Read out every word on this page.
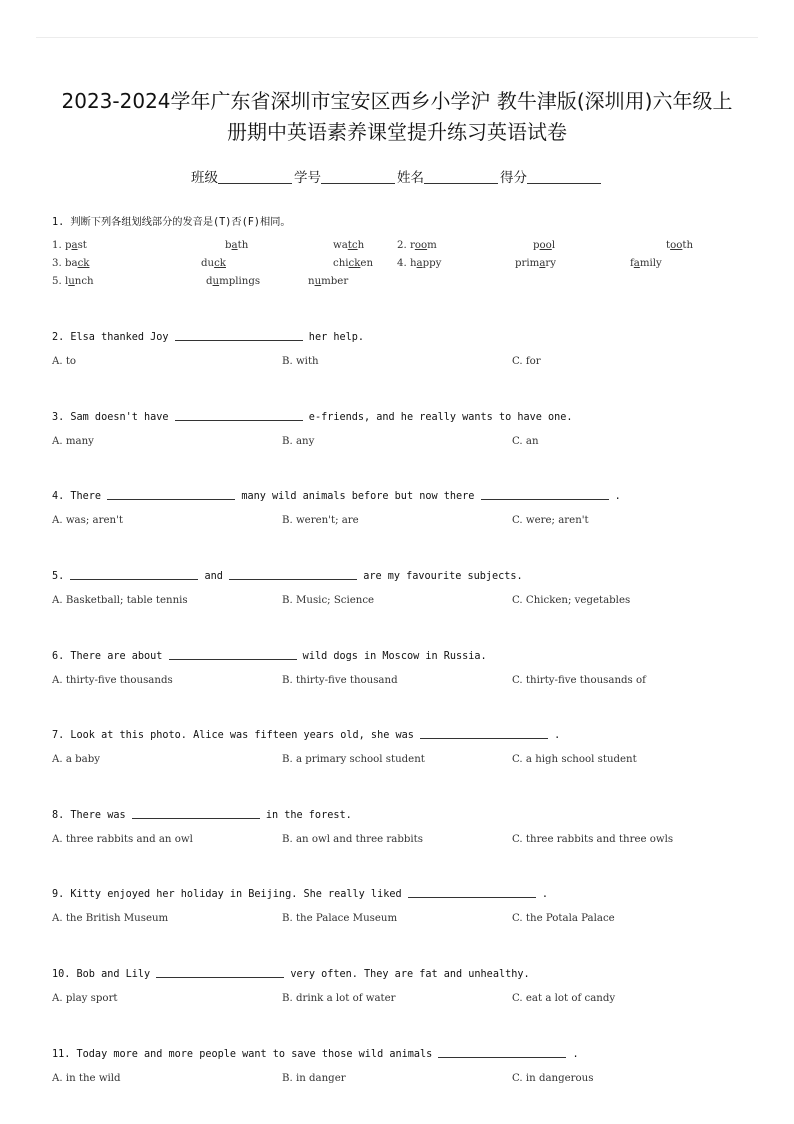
2023-2024学年广东省深圳市宝安区西乡小学沪 教牛津版(深圳用)六年级上
册期中英语素养课堂提升练习英语试卷
班级	学号	姓名	得分
1. 判断下列各组划线部分的发音是(T)否(F)相同。
1. past	bath	watch	2. room	pool	tooth
3. back	duck	chicken 4. happy	primary	family
5. lunch	dumplings	number
2. Elsa thanked Joy	her help.
A. to	B. with	C. for
3. Sam doesn't have	e-friends, and he really wants to have one.
A. many	B. any	C. an
4. There	many wild animals before but now there	.
A. was; aren't	B. weren't; are	C. were; aren't
5.	and	are my favourite subjects.
A. Basketball; table tennis	B. Music; Science	C. Chicken; vegetables
6. There are about	wild dogs in Moscow in Russia.
A. thirty-five thousands	B. thirty-five thousand	C. thirty-five thousands of
7. Look at this photo. Alice was fifteen years old, she was	.
A. a baby	B. a primary school student	C. a high school student
8. There was	in the forest.
A. three rabbits and an owl	B. an owl and three rabbits	C. three rabbits and three owls
9. Kitty enjoyed her holiday in Beijing. She really liked	.
A. the British Museum	B. the Palace Museum	C. the Potala Palace
10. Bob and Lily	very often. They are fat and unhealthy.
A. play sport	B. drink a lot of water	C. eat a lot of candy
11. Today more and more people want to save those wild animals	.
A. in the wild	B. in danger	C. in dangerous
